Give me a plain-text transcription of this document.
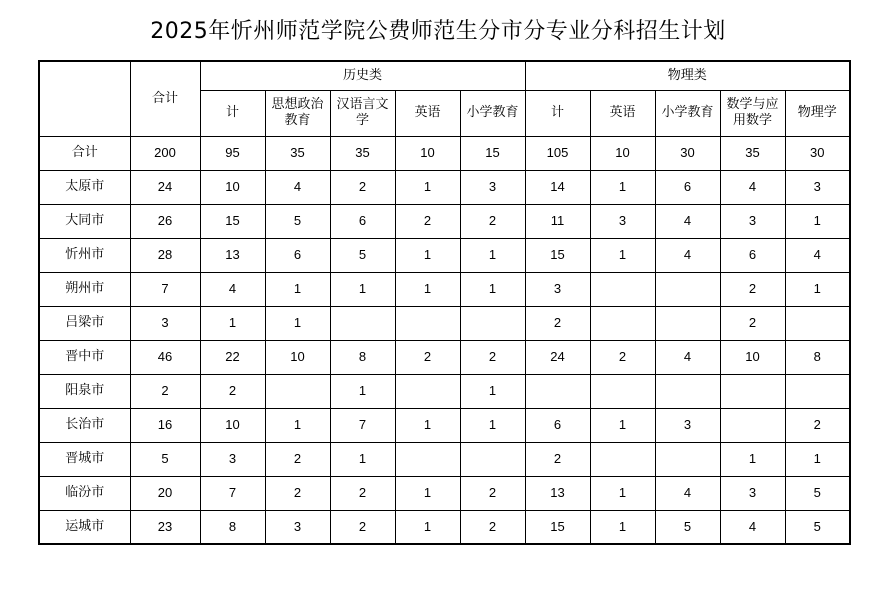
2025年忻州师范学院公费师范生分市分专业分科招生计划
	合计	历史类					物理类				

		计	思想政治
教育	汉语言文
学	英语	小学教育	计	英语	小学教育	数学与应
用数学	物理学

合计	200	95	35	35	10	15	105	10	30	35	30
太原市	24	10	4	2	1	3	14	1	6	4	3
大同市	26	15	5	6	2	2	11	3	4	3	1
忻州市	28	13	6	5	1	1	15	1	4	6	4
朔州市	7	4	1	1	1	1	3			2	1
吕梁市	3	1	1				2			2	
晋中市	46	22	10	8	2	2	24	2	4	10	8
阳泉市	2	2		1		1					
长治市	16	10	1	7	1	1	6	1	3		2
晋城市	5	3	2	1			2			1	1
临汾市	20	7	2	2	1	2	13	1	4	3	5
运城市	23	8	3	2	1	2	15	1	5	4	5
